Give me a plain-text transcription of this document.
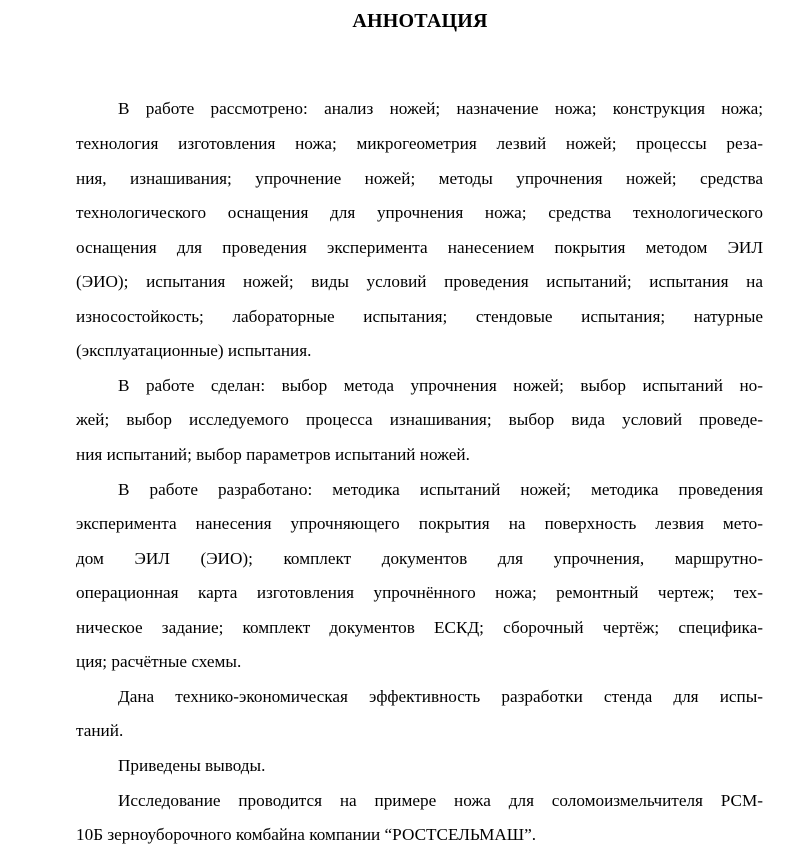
АННОТАЦИЯ
В работе рассмотрено: анализ ножей; назначение ножа; конструкция ножа;
технология изготовления ножа; микрогеометрия лезвий ножей; процессы реза-
ния, изнашивания; упрочнение ножей; методы упрочнения ножей; средства
технологического оснащения для упрочнения ножа; средства технологического
оснащения для проведения эксперимента нанесением покрытия методом ЭИЛ
(ЭИО); испытания ножей; виды условий проведения испытаний; испытания на
износостойкость; лабораторные испытания; стендовые испытания; натурные
(эксплуатационные) испытания.
В работе сделан: выбор метода упрочнения ножей; выбор испытаний но-
жей; выбор исследуемого процесса изнашивания; выбор вида условий проведе-
ния испытаний; выбор параметров испытаний ножей.
В работе разработано: методика испытаний ножей; методика проведения
эксперимента нанесения упрочняющего покрытия на поверхность лезвия мето-
дом ЭИЛ (ЭИО); комплект документов для упрочнения, маршрутно-
операционная карта изготовления упрочнённого ножа; ремонтный чертеж; тех-
ническое задание; комплект документов ЕСКД; сборочный чертёж; специфика-
ция; расчётные схемы.
Дана технико-экономическая эффективность разработки стенда для испы-
таний.
Приведены выводы.
Исследование проводится на примере ножа для соломоизмельчителя РСМ-
10Б зерноуборочного комбайна компании “РОСТСЕЛЬМАШ”.
